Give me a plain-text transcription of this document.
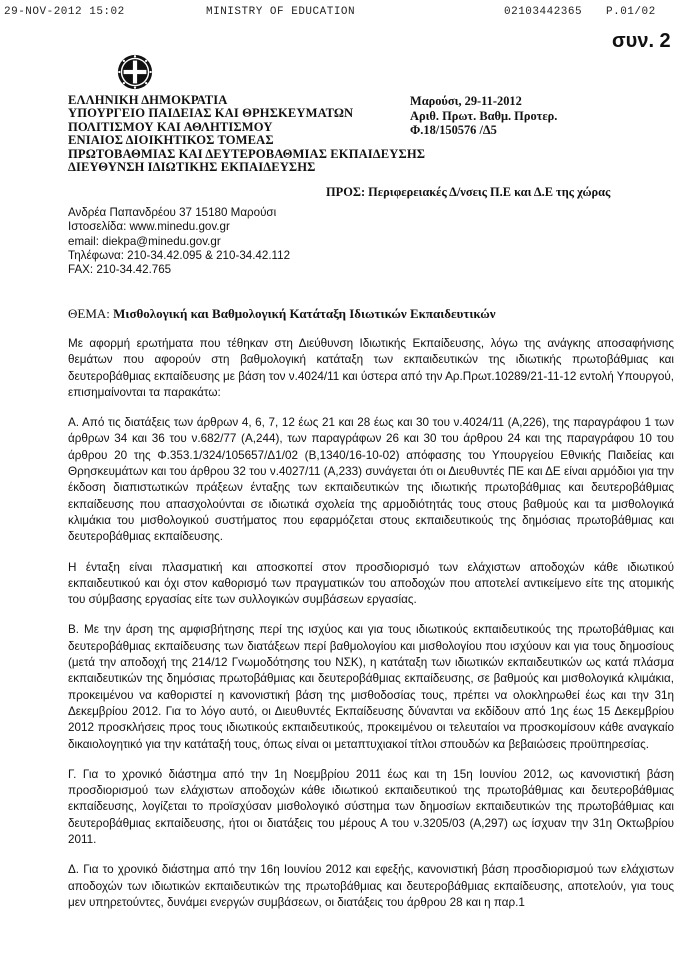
29-NOV-2012 15:02	MINISTRY OF EDUCATION	02103442365 P.01/02
συν. 2
ΕΛΛΗΝΙΚΗ ΔΗΜΟΚΡΑΤΙΑ
ΥΠΟΥΡΓΕΙΟ ΠΑΙΔΕΙΑΣ ΚΑΙ ΘΡΗΣΚΕΥΜΑΤΩΝ
ΠΟΛΙΤΙΣΜΟΥ ΚΑΙ ΑΘΛΗΤΙΣΜΟΥ
ΕΝΙΑΙΟΣ ΔΙΟΙΚΗΤΙΚΟΣ ΤΟΜΕΑΣ
ΠΡΩΤΟΒΑΘΜΙΑΣ ΚΑΙ ΔΕΥΤΕΡΟΒΑΘΜΙΑΣ ΕΚΠΑΙΔΕΥΣΗΣ
ΔΙΕΥΘΥΝΣΗ ΙΔΙΩΤΙΚΗΣ ΕΚΠΑΙΔΕΥΣΗΣ
Μαρούσι, 29-11-2012
Αριθ. Πρωτ. Βαθμ. Προτερ.
Φ.18/150576 /Δ5
ΠΡΟΣ: Περιφερειακές Δ/νσεις Π.Ε και Δ.Ε της χώρας
Ανδρέα Παπανδρέου 37 15180 Μαρούσι
Ιστοσελίδα: www.minedu.gov.gr
email: diekpa@minedu.gov.gr
Τηλέφωνα: 210-34.42.095 & 210-34.42.112
FAX: 210-34.42.765
ΘΕΜΑ: Μισθολογική και Βαθμολογική Κατάταξη Ιδιωτικών Εκπαιδευτικών

Με αφορμή ερωτήματα που τέθηκαν στη Διεύθυνση Ιδιωτικής Εκπαίδευσης, λόγω της ανάγκης αποσαφήνισης θεμάτων που αφορούν στη βαθμολογική κατάταξη των εκπαιδευτικών της ιδιωτικής πρωτοβάθμιας και δευτεροβάθμιας εκπαίδευσης με βάση τον ν.4024/11 και ύστερα από την Αρ.Πρωτ.10289/21-11-12 εντολή Υπουργού, επισημαίνονται τα παρακάτω:

Α. Από τις διατάξεις των άρθρων 4, 6, 7, 12 έως 21 και 28 έως και 30 του ν.4024/11 (Α,226), της παραγράφου 1 των άρθρων 34 και 36 του ν.682/77 (Α,244), των παραγράφων 26 και 30 του άρθρου 24 και της παραγράφου 10 του άρθρου 20 της Φ.353.1/324/105657/Δ1/02 (Β,1340/16-10-02) απόφασης του Υπουργείου Εθνικής Παιδείας και Θρησκευμάτων και του άρθρου 32 του ν.4027/11 (Α,233) συνάγεται ότι οι Διευθυντές ΠΕ και ΔΕ είναι αρμόδιοι για την έκδοση διαπιστωτικών πράξεων ένταξης των εκπαιδευτικών της ιδιωτικής πρωτοβάθμιας και δευτεροβάθμιας εκπαίδευσης που απασχολούνται σε ιδιωτικά σχολεία της αρμοδιότητάς τους στους βαθμούς και τα μισθολογικά κλιμάκια του μισθολογικού συστήματος που εφαρμόζεται στους εκπαιδευτικούς της δημόσιας πρωτοβάθμιας και δευτεροβάθμιας εκπαίδευσης.

Η ένταξη είναι πλασματική και αποσκοπεί στον προσδιορισμό των ελάχιστων αποδοχών κάθε ιδιωτικού εκπαιδευτικού και όχι στον καθορισμό των πραγματικών του αποδοχών που αποτελεί αντικείμενο είτε της ατομικής του σύμβασης εργασίας είτε των συλλογικών συμβάσεων εργασίας.

Β. Με την άρση της αμφισβήτησης περί της ισχύος και για τους ιδιωτικούς εκπαιδευτικούς της πρωτοβάθμιας και δευτεροβάθμιας εκπαίδευσης των διατάξεων περί βαθμολογίου και μισθολογίου που ισχύουν και για τους δημοσίους (μετά την αποδοχή της 214/12 Γνωμοδότησης του ΝΣΚ), η κατάταξη των ιδιωτικών εκπαιδευτικών ως κατά πλάσμα εκπαιδευτικών της δημόσιας πρωτοβάθμιας και δευτεροβάθμιας εκπαίδευσης, σε βαθμούς και μισθολογικά κλιμάκια, προκειμένου να καθοριστεί η κανονιστική βάση της μισθοδοσίας τους, πρέπει να ολοκληρωθεί έως και την 31η Δεκεμβρίου 2012. Για το λόγο αυτό, οι Διευθυντές Εκπαίδευσης δύνανται να εκδίδουν από 1ης έως 15 Δεκεμβρίου 2012 προσκλήσεις προς τους ιδιωτικούς εκπαιδευτικούς, προκειμένου οι τελευταίοι να προσκομίσουν κάθε αναγκαίο δικαιολογητικό για την κατάταξή τους, όπως είναι οι μεταπτυχιακοί τίτλοι σπουδών κα βεβαιώσεις προϋπηρεσίας.

Γ. Για το χρονικό διάστημα από την 1η Νοεμβρίου 2011 έως και τη 15η Ιουνίου 2012, ως κανονιστική βάση προσδιορισμού των ελάχιστων αποδοχών κάθε ιδιωτικού εκπαιδευτικού της πρωτοβάθμιας και δευτεροβάθμιας εκπαίδευσης, λογίζεται το προϊσχύσαν μισθολογικό σύστημα των δημοσίων εκπαιδευτικών της πρωτοβάθμιας και δευτεροβάθμιας εκπαίδευσης, ήτοι οι διατάξεις του μέρους Α του ν.3205/03 (Α,297) ως ίσχυαν την 31η Οκτωβρίου 2011.

Δ. Για το χρονικό διάστημα από την 16η Ιουνίου 2012 και εφεξής, κανονιστική βάση προσδιορισμού των ελάχιστων αποδοχών των ιδιωτικών εκπαιδευτικών της πρωτοβάθμιας και δευτεροβάθμιας εκπαίδευσης, αποτελούν, για τους μεν υπηρετούντες, δυνάμει ενεργών συμβάσεων, οι διατάξεις του άρθρου 28 και η παρ.1
